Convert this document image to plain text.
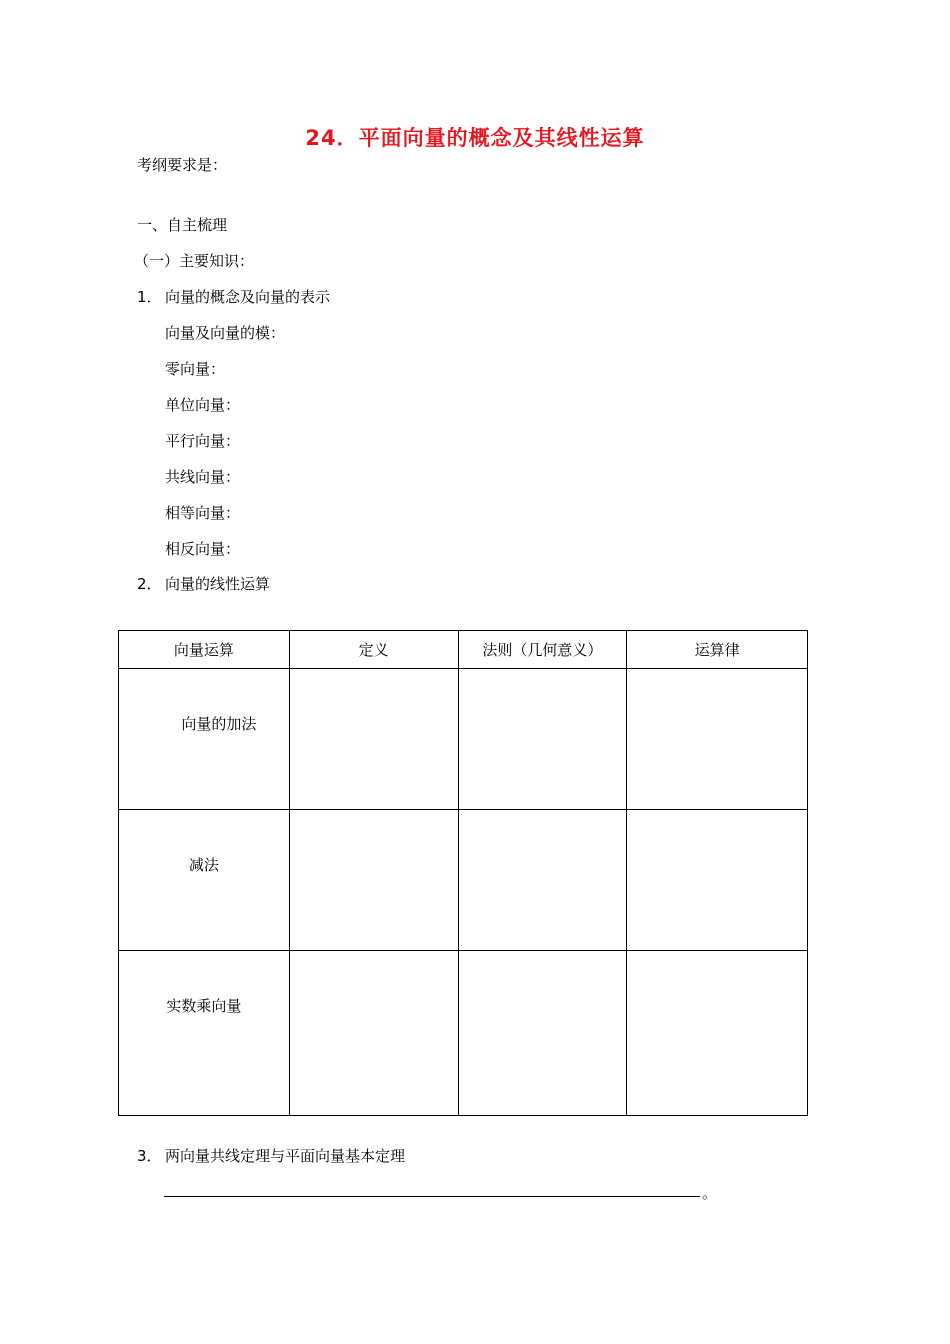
24．平面向量的概念及其线性运算
考纲要求是：
一、自主梳理
（一）主要知识：
1． 向量的概念及向量的表示
向量及向量的模：
零向量：
单位向量：
平行向量：
共线向量：
相等向量：
相反向量：
2． 向量的线性运算
向量运算	定义	法则（几何意义）	运算律
向量的加法			
减法			
实数乘向量			
3． 两向量共线定理与平面向量基本定理
。
